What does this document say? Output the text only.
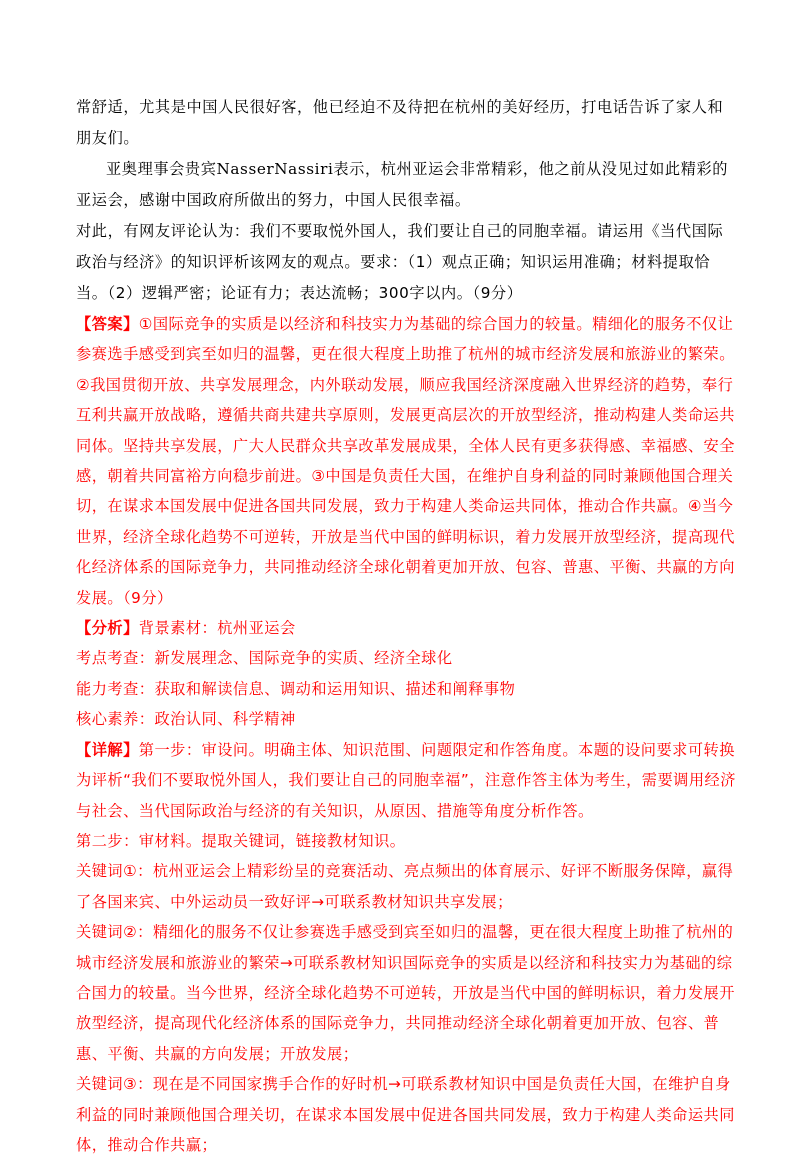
常舒适，尤其是中国人民很好客，他已经迫不及待把在杭州的美好经历，打电话告诉了家人和朋友们。

亚奥理事会贵宾NasserNassiri表示，杭州亚运会非常精彩，他之前从没见过如此精彩的亚运会，感谢中国政府所做出的努力，中国人民很幸福。

对此，有网友评论认为：我们不要取悦外国人，我们要让自己的同胞幸福。请运用《当代国际政治与经济》的知识评析该网友的观点。要求：（1）观点正确；知识运用准确；材料提取恰当。（2）逻辑严密；论证有力；表达流畅；300字以内。（9分）

【答案】①国际竞争的实质是以经济和科技实力为基础的综合国力的较量。精细化的服务不仅让参赛选手感受到宾至如归的温馨，更在很大程度上助推了杭州的城市经济发展和旅游业的繁荣。②我国贯彻开放、共享发展理念，内外联动发展，顺应我国经济深度融入世界经济的趋势，奉行互利共赢开放战略，遵循共商共建共享原则，发展更高层次的开放型经济，推动构建人类命运共同体。坚持共享发展，广大人民群众共享改革发展成果，全体人民有更多获得感、幸福感、安全感，朝着共同富裕方向稳步前进。③中国是负责任大国，在维护自身利益的同时兼顾他国合理关切，在谋求本国发展中促进各国共同发展，致力于构建人类命运共同体，推动合作共赢。④当今世界，经济全球化趋势不可逆转，开放是当代中国的鲜明标识，着力发展开放型经济，提高现代化经济体系的国际竞争力，共同推动经济全球化朝着更加开放、包容、普惠、平衡、共赢的方向发展。（9分）

【分析】背景素材：杭州亚运会

考点考查：新发展理念、国际竞争的实质、经济全球化

能力考查：获取和解读信息、调动和运用知识、描述和阐释事物

核心素养：政治认同、科学精神

【详解】第一步：审设问。明确主体、知识范围、问题限定和作答角度。本题的设问要求可转换为评析“我们不要取悦外国人，我们要让自己的同胞幸福”，注意作答主体为考生，需要调用经济与社会、当代国际政治与经济的有关知识，从原因、措施等角度分析作答。

第二步：审材料。提取关键词，链接教材知识。

关键词①：杭州亚运会上精彩纷呈的竞赛活动、亮点频出的体育展示、好评不断服务保障，赢得了各国来宾、中外运动员一致好评→可联系教材知识共享发展；

关键词②：精细化的服务不仅让参赛选手感受到宾至如归的温馨，更在很大程度上助推了杭州的城市经济发展和旅游业的繁荣→可联系教材知识国际竞争的实质是以经济和科技实力为基础的综合国力的较量。当今世界，经济全球化趋势不可逆转，开放是当代中国的鲜明标识，着力发展开放型经济，提高现代化经济体系的国际竞争力，共同推动经济全球化朝着更加开放、包容、普惠、平衡、共赢的方向发展；开放发展；

关键词③：现在是不同国家携手合作的好时机→可联系教材知识中国是负责任大国，在维护自身利益的同时兼顾他国合理关切，在谋求本国发展中促进各国共同发展，致力于构建人类命运共同体，推动合作共赢；
